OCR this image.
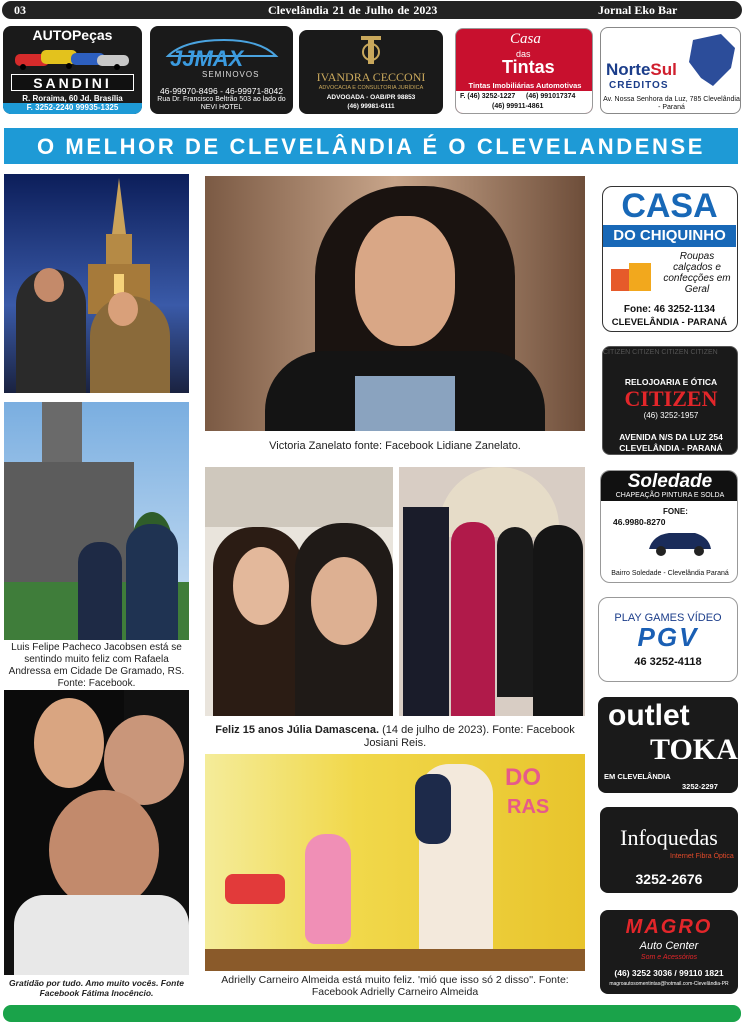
03	Clevelândia 21 de Julho de 2023	Jornal Eko Bar
AUTOPeças
SANDINI
R. Roraima, 60 Jd. Brasília
F. 3252-2240 99935-1325
JJMAX
SEMINOVOS
46-99970-8496 - 46-99971-8042
Rua Dr. Francisco Beltrão 503 ao lado do NEVI HOTEL
IVANDRA CECCONI
ADVOCACIA E CONSULTORIA JURÍDICA
ADVOGADA - OAB/PR 98853
(46) 99981-6111
Casa
das
Tintas
Tintas Imobiliárias Automotivas
F. (46) 3252-1227 (46) 991017374
(46) 99911-4861
NorteSul
CRÉDITOS
Av. Nossa Senhora da Luz, 785 Clevelândia - Paraná
O MELHOR DE CLEVELÂNDIA É O CLEVELANDENSE
Luis Felipe Pacheco Jacobsen está se sentindo muito feliz com Rafaela Andressa em Cidade De Gramado, RS. Fonte: Facebook.
Gratidão por tudo. Amo muito vocês. Fonte Facebook Fátima Inocêncio.
Victoria Zanelato fonte: Facebook Lidiane Zanelato.
Feliz 15 anos Júlia Damascena. (14 de julho de 2023). Fonte: Facebook Josiani Reis.
DO
RAS
Adrielly Carneiro Almeida está muito feliz. 'mió que isso só 2 disso''. Fonte: Facebook Adrielly Carneiro Almeida
CASA
DO CHIQUINHO
Roupas calçados e confecções em Geral
Fone: 46 3252-1134
CLEVELÂNDIA - PARANÁ
CITIZEN CITIZEN CITIZEN CITIZEN
RELOJOARIA E ÓTICA
CITIZEN
(46) 3252-1957
AVENIDA N/S DA LUZ 254
CLEVELÂNDIA - PARANÁ
Soledade
CHAPEAÇÃO PINTURA E SOLDA
FONE:
46.9980-8270
Bairro Soledade - Clevelândia Paraná
PLAY GAMES VÍDEO
PGV
46 3252-4118
outlet
TOKA
EM CLEVELÂNDIA
3252-2297
Infoquedas
Internet Fibra Óptica
3252-2676
MAGRO
Auto Center
Som e Acessórios
(46) 3252 3036 / 99110 1821
magroautosomentintas@hotmail.com-Clevelândia-PR
